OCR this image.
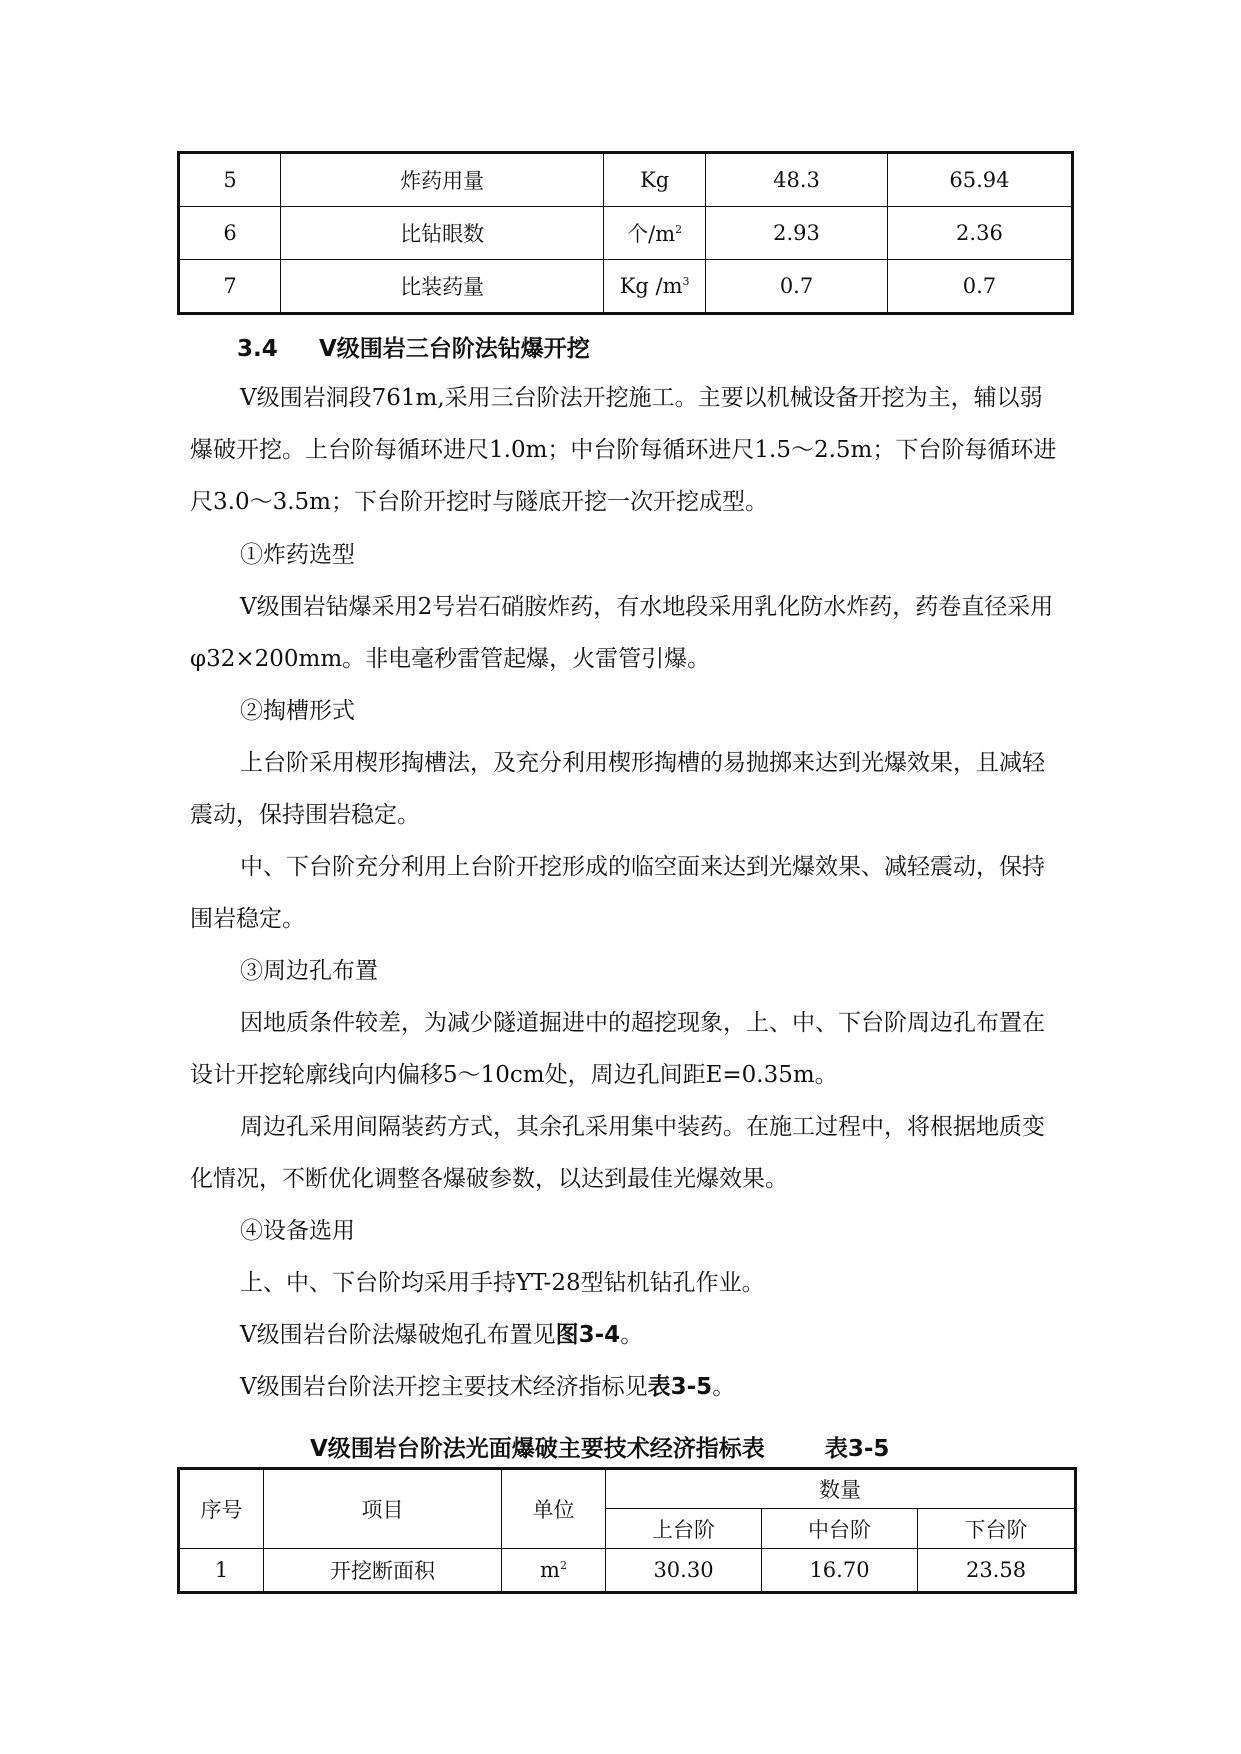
5	炸药用量	Kg	48.3	65.94
6	比钻眼数	个$/m^2$	2.93	2.36
7	比装药量	Kg $/m^3$	0.7	0.7

3.4 Ⅴ级围岩三台阶法钻爆开挖

Ⅴ级围岩洞段761m,采用三台阶法开挖施工。主要以机械设备开挖为主，辅以弱爆破开挖。上台阶每循环进尺1.0m；中台阶每循环进尺1.5～2.5m；下台阶每循环进尺3.0～3.5m；下台阶开挖时与隧底开挖一次开挖成型。

①炸药选型

Ⅴ级围岩钻爆采用2号岩石硝胺炸药，有水地段采用乳化防水炸药，药卷直径采用φ32×200mm。非电毫秒雷管起爆，火雷管引爆。

②掏槽形式

上台阶采用楔形掏槽法，及充分利用楔形掏槽的易抛掷来达到光爆效果，且减轻震动，保持围岩稳定。

中、下台阶充分利用上台阶开挖形成的临空面来达到光爆效果、减轻震动，保持围岩稳定。

③周边孔布置

因地质条件较差，为减少隧道掘进中的超挖现象，上、中、下台阶周边孔布置在设计开挖轮廓线向内偏移5～10cm处，周边孔间距E=0.35m。

周边孔采用间隔装药方式，其余孔采用集中装药。在施工过程中，将根据地质变化情况，不断优化调整各爆破参数，以达到最佳光爆效果。

④设备选用

上、中、下台阶均采用手持YT-28型钻机钻孔作业。

Ⅴ级围岩台阶法爆破炮孔布置见图3-4。

Ⅴ级围岩台阶法开挖主要技术经济指标见表3-5。

Ⅴ级围岩台阶法光面爆破主要技术经济指标表	表3-5

序号	项目	单位	数量		
			上台阶	中台阶	下台阶
1	开挖断面积	$m^2$	30.30	16.70	23.58
